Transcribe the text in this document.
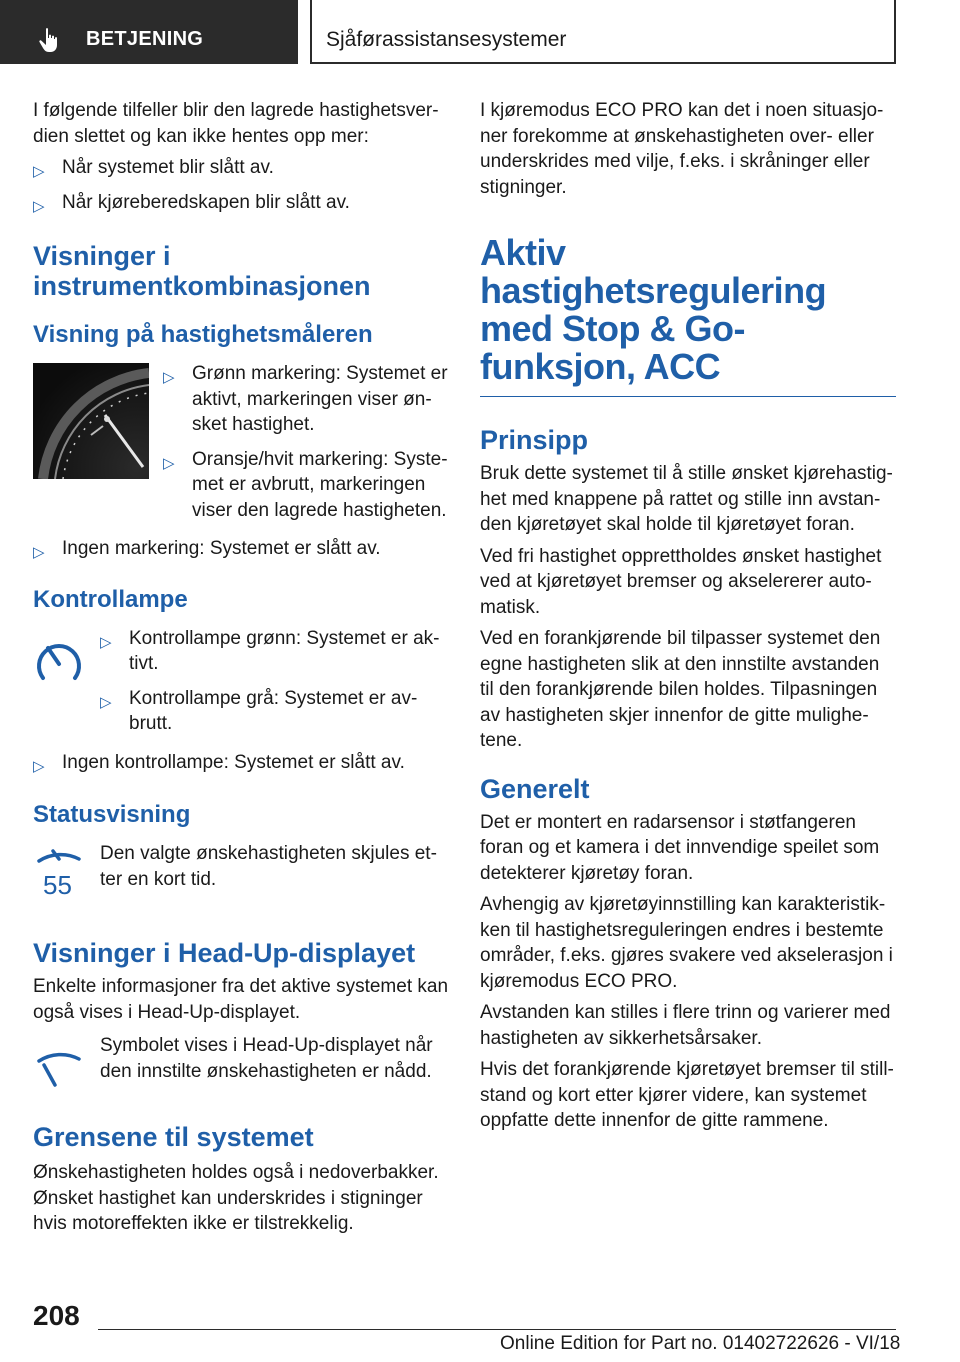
BETJENING	Sjåførassistansesystemer

I følgende tilfeller blir den lagrede hastighetsver-dien slettet og kan ikke hentes opp mer:

▷ Når systemet blir slått av.
▷ Når kjøreberedskapen blir slått av.
Visninger i instrumentkombinasjonen
Visning på hastighetsmåleren
▷ Grønn markering: Systemet er aktivt, markeringen viser øn-sket hastighet.
▷ Oransje/hvit markering: Syste-met er avbrutt, markeringen viser den lagrede hastigheten.
▷ Ingen markering: Systemet er slått av.
Kontrollampe
▷ Kontrollampe grønn: Systemet er ak-tivt.
▷ Kontrollampe grå: Systemet er av-brutt.
▷ Ingen kontrollampe: Systemet er slått av.
Statusvisning
55

Den valgte ønskehastigheten skjules et-ter en kort tid.

Visninger i Head-Up-displayet

Enkelte informasjoner fra det aktive systemet kan også vises i Head-Up-displayet.

Symbolet vises i Head-Up-displayet når den innstilte ønskehastigheten er nådd.

Grensene til systemet

Ønskehastigheten holdes også i nedoverbakker. Ønsket hastighet kan underskrides i stigninger hvis motoreffekten ikke er tilstrekkelig.

I kjøremodus ECO PRO kan det i noen situasjo-ner forekomme at ønskehastigheten over- eller underskrides med vilje, f.eks. i skråninger eller stigninger.

Aktiv hastighetsregulering med Stop & Go-funksjon, ACC
Prinsipp

Bruk dette systemet til å stille ønsket kjørehastig-het med knappene på rattet og stille inn avstan-den kjøretøyet skal holde til kjøretøyet foran.

Ved fri hastighet opprettholdes ønsket hastighet ved at kjøretøyet bremser og akselererer auto-matisk.

Ved en forankjørende bil tilpasser systemet den egne hastigheten slik at den innstilte avstanden til den forankjørende bilen holdes. Tilpasningen av hastigheten skjer innenfor de gitte mulighe-tene.

Generelt

Det er montert en radarsensor i støtfangeren foran og et kamera i det innvendige speilet som detekterer kjøretøy foran.

Avhengig av kjøretøyinnstilling kan karakteristik-ken til hastighetsreguleringen endres i bestemte områder, f.eks. gjøres svakere ved akselerasjon i kjøremodus ECO PRO.

Avstanden kan stilles i flere trinn og varierer med hastigheten av sikkerhetsårsaker.

Hvis det forankjørende kjøretøyet bremser til still-stand og kort etter kjører videre, kan systemet oppfatte dette innenfor de gitte rammene.

208
Online Edition for Part no. 01402722626 - VI/18
